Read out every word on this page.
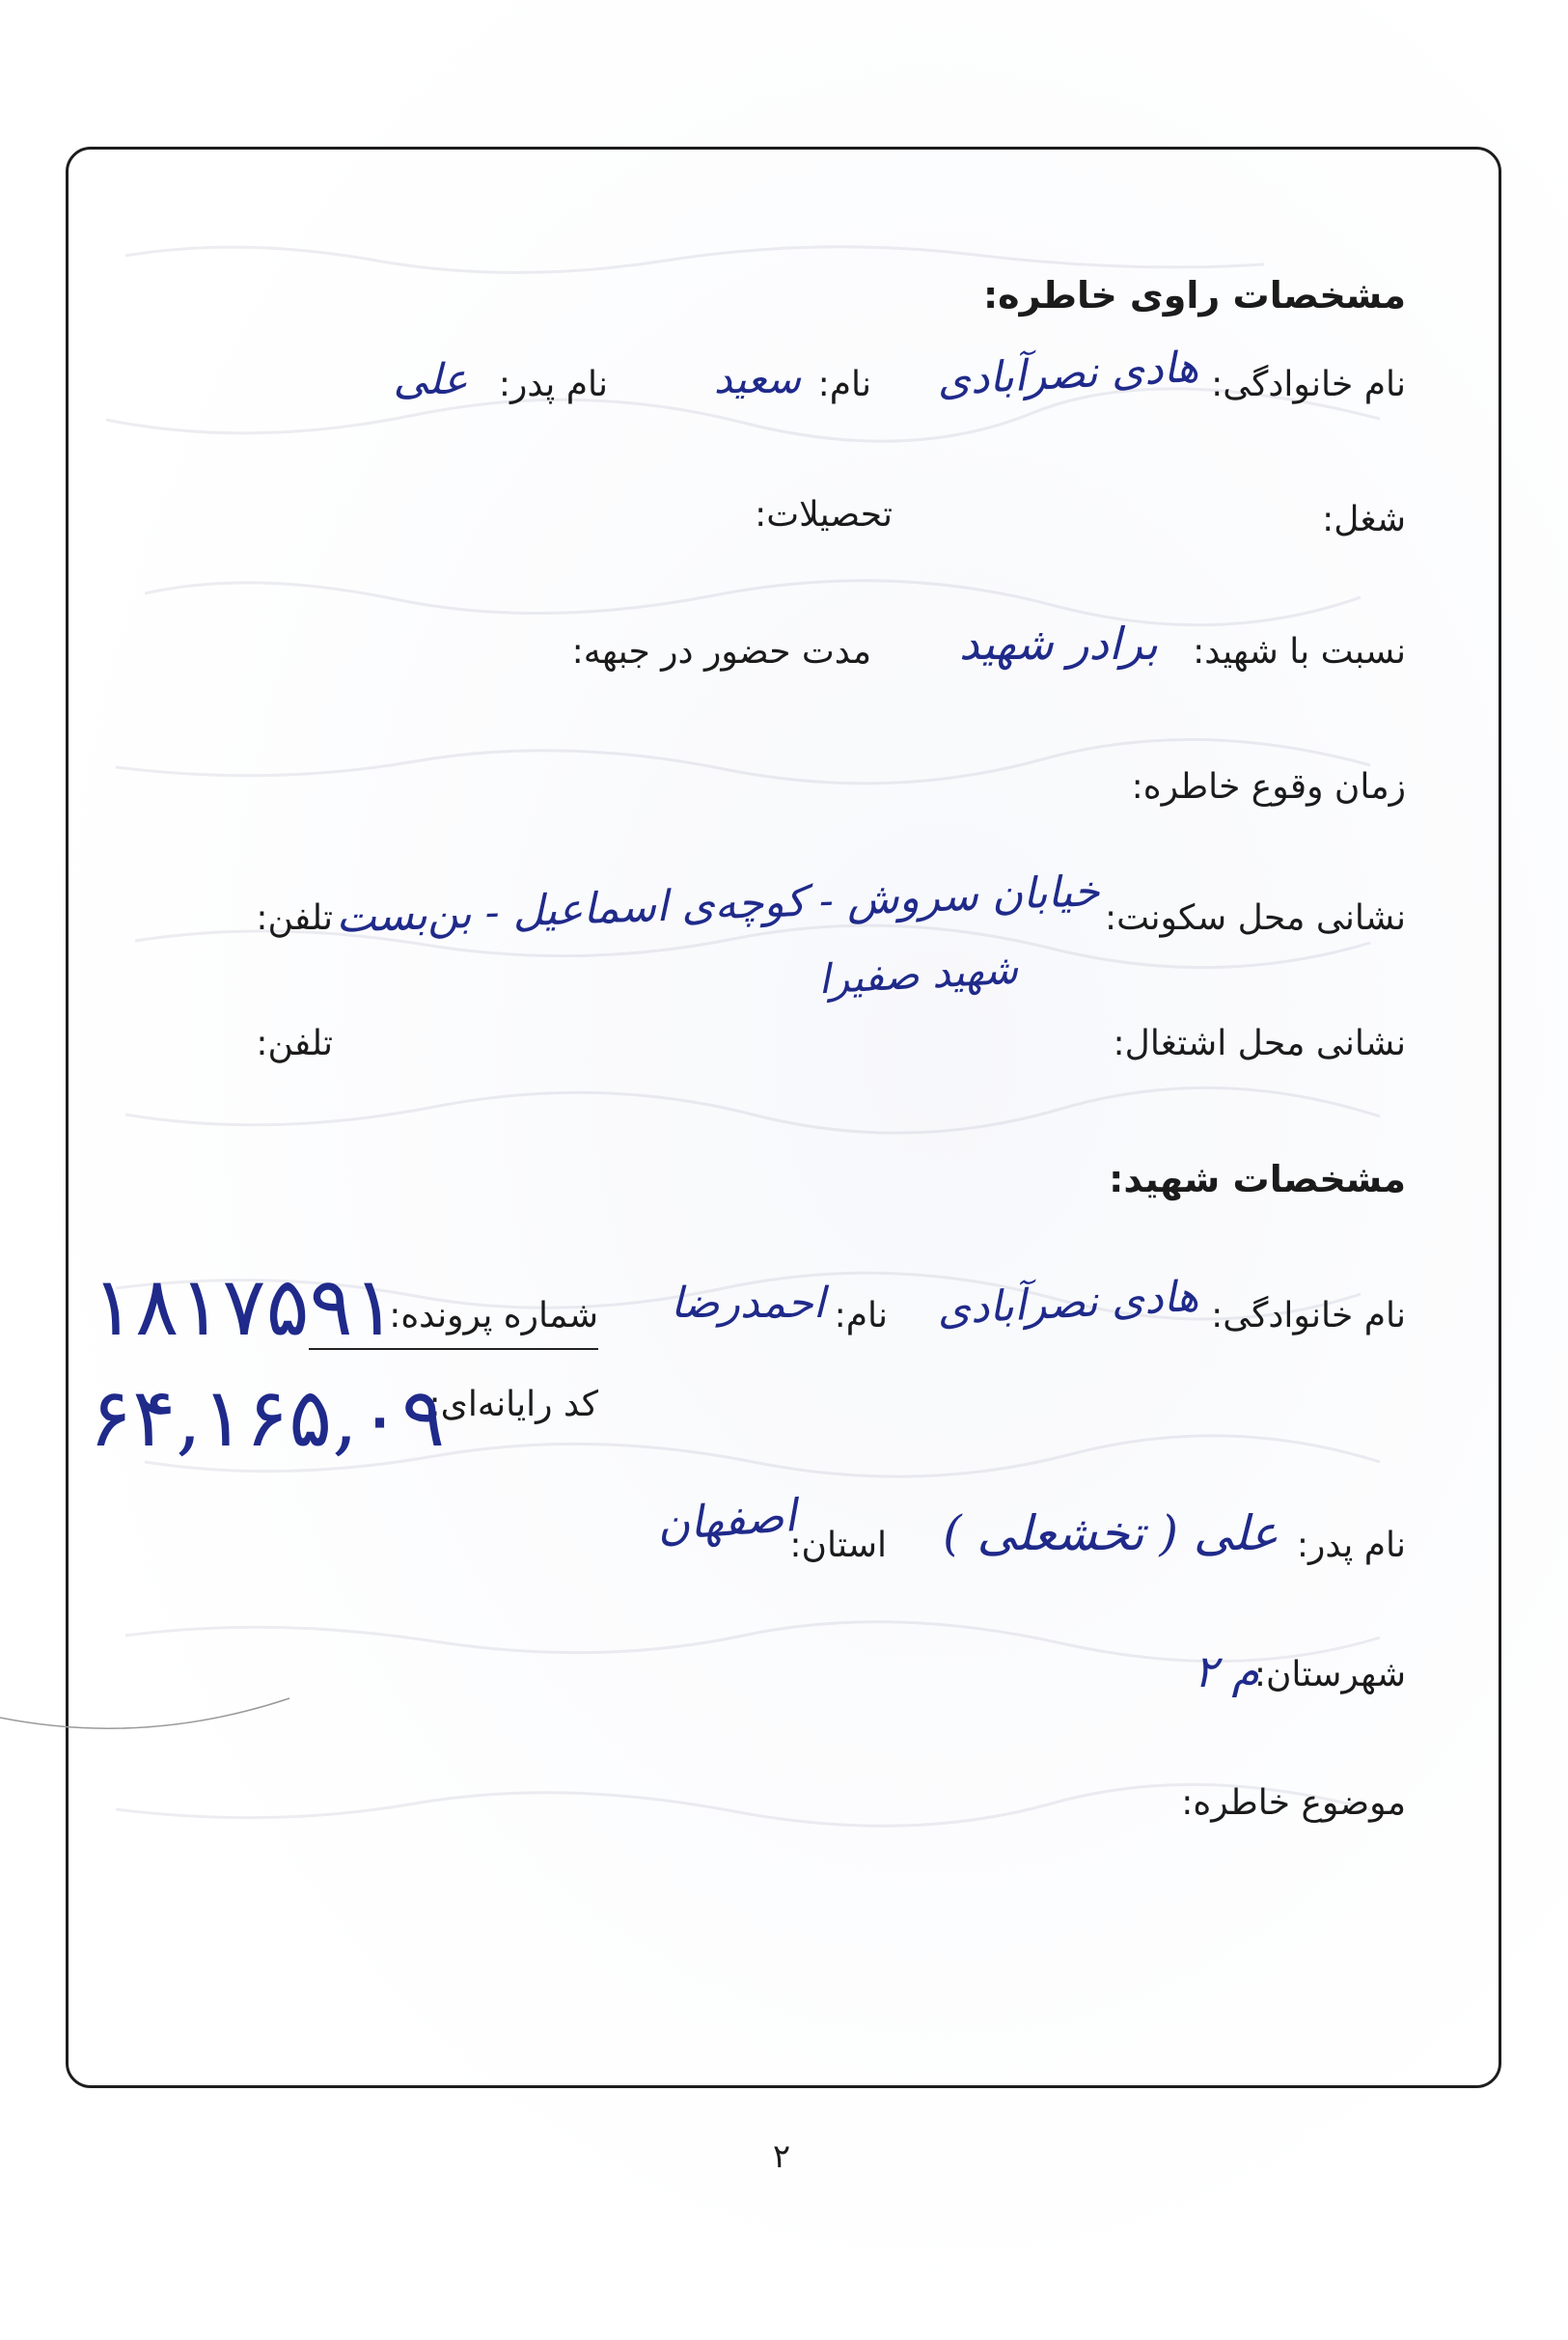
مشخصات راوی خاطره:
نام خانوادگی:
هادی نصرآبادی
نام:
سعید
نام پدر:
علی
شغل:
تحصیلات:
نسبت با شهید:
برادر شهید
مدت حضور در جبهه:
زمان وقوع خاطره:
نشانی محل سکونت:
خیابان سروش - کوچه‌ی اسماعیل - بن‌بست
شهید صفیرا
تلفن:
نشانی محل اشتغال:
تلفن:
مشخصات شهید:
نام خانوادگی:
هادی نصرآبادی
نام:
احمدرضا
شماره پرونده:
۱۸۱۷۵۹۱
کد رایانه‌ای:
۶۴,۱۶۵,۰۹
نام پدر:
علی ( تخشعلی )
استان:
اصفهان
شهرستان:
م ۲
موضوع خاطره:
۲
